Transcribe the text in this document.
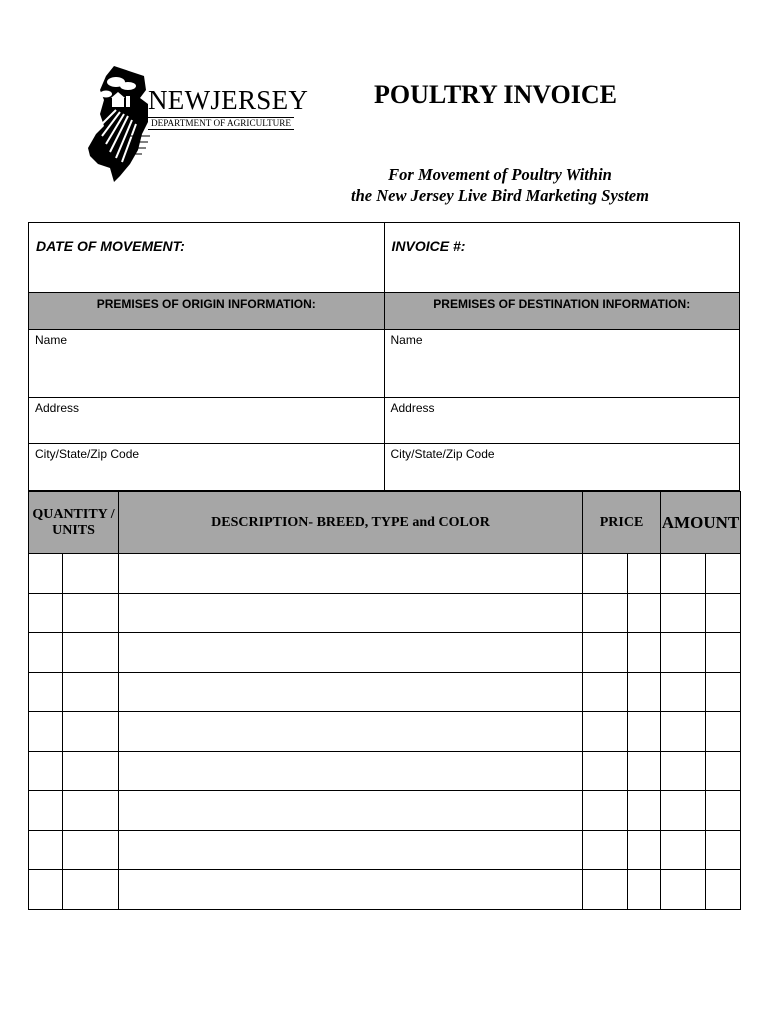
NEWJERSEY
DEPARTMENT OF AGRICULTURE
POULTRY INVOICE
For Movement of Poultry Within
the New Jersey Live Bird Marketing System
DATE OF MOVEMENT:	INVOICE #:
PREMISES OF ORIGIN INFORMATION:	PREMISES OF DESTINATION INFORMATION:
Name	Name
Address	Address
City/State/Zip Code	City/State/Zip Code
QUANTITY / UNITS		DESCRIPTION- BREED, TYPE and COLOR	PRICE		AMOUNT	
